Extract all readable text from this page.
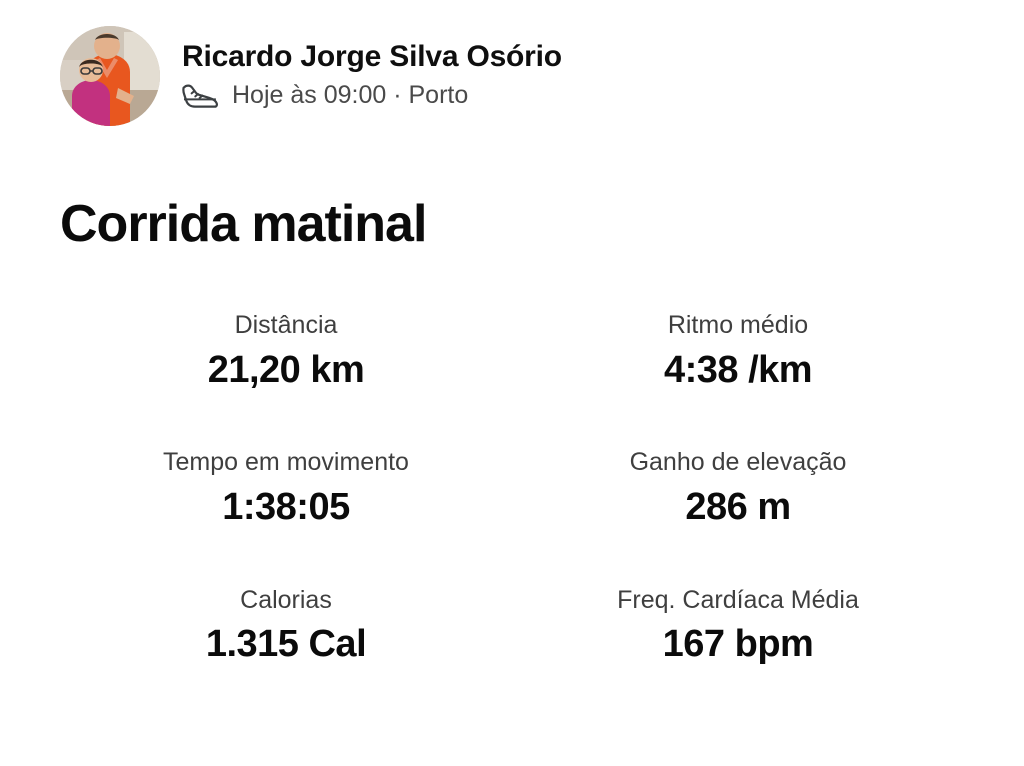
Ricardo Jorge Silva Osório
Hoje às 09:00 · Porto
Corrida matinal
Distância
21,20 km
Ritmo médio
4:38 /km
Tempo em movimento
1:38:05
Ganho de elevação
286 m
Calorias
1.315 Cal
Freq. Cardíaca Média
167 bpm
